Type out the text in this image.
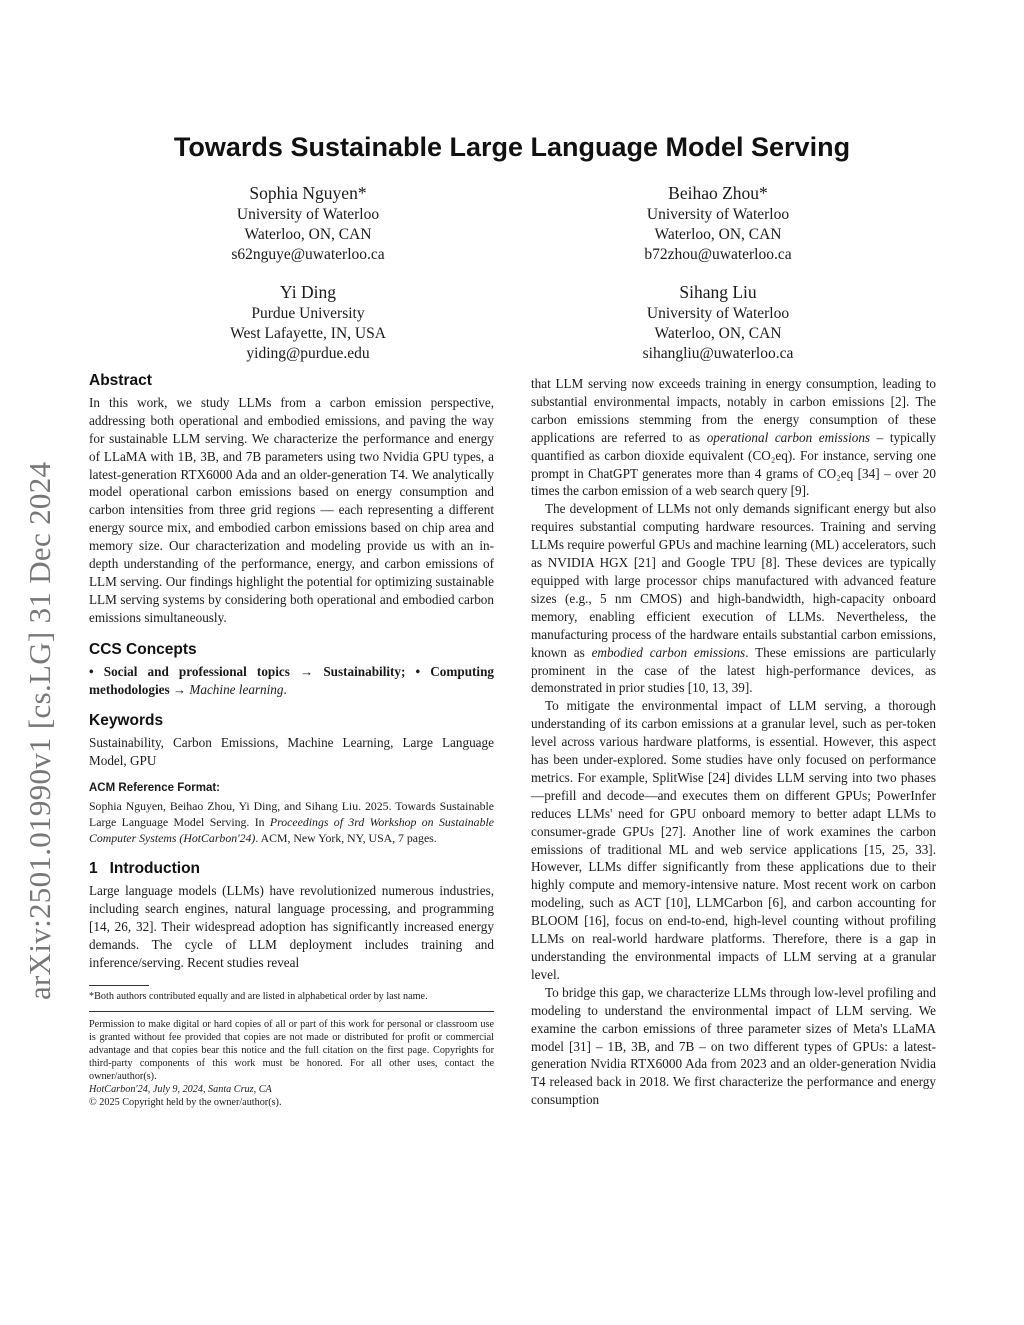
arXiv:2501.01990v1 [cs.LG] 31 Dec 2024
Towards Sustainable Large Language Model Serving
Sophia Nguyen*
University of Waterloo
Waterloo, ON, CAN
s62nguye@uwaterloo.ca
Beihao Zhou*
University of Waterloo
Waterloo, ON, CAN
b72zhou@uwaterloo.ca
Yi Ding
Purdue University
West Lafayette, IN, USA
yiding@purdue.edu
Sihang Liu
University of Waterloo
Waterloo, ON, CAN
sihangliu@uwaterloo.ca
Abstract

In this work, we study LLMs from a carbon emission perspective, addressing both operational and embodied emissions, and paving the way for sustainable LLM serving. We characterize the performance and energy of LLaMA with 1B, 3B, and 7B parameters using two Nvidia GPU types, a latest-generation RTX6000 Ada and an older-generation T4. We analytically model operational carbon emissions based on energy consumption and carbon intensities from three grid regions — each representing a different energy source mix, and embodied carbon emissions based on chip area and memory size. Our characterization and modeling provide us with an in-depth understanding of the performance, energy, and carbon emissions of LLM serving. Our findings highlight the potential for optimizing sustainable LLM serving systems by considering both operational and embodied carbon emissions simultaneously.

CCS Concepts

• Social and professional topics → Sustainability; • Computing methodologies → Machine learning.

Keywords

Sustainability, Carbon Emissions, Machine Learning, Large Language Model, GPU

ACM Reference Format:

Sophia Nguyen, Beihao Zhou, Yi Ding, and Sihang Liu. 2025. Towards Sustainable Large Language Model Serving. In Proceedings of 3rd Workshop on Sustainable Computer Systems (HotCarbon'24). ACM, New York, NY, USA, 7 pages.

1 Introduction

Large language models (LLMs) have revolutionized numerous industries, including search engines, natural language processing, and programming [14, 26, 32]. Their widespread adoption has significantly increased energy demands. The cycle of LLM deployment includes training and inference/serving. Recent studies reveal

*Both authors contributed equally and are listed in alphabetical order by last name.

Permission to make digital or hard copies of all or part of this work for personal or classroom use is granted without fee provided that copies are not made or distributed for profit or commercial advantage and that copies bear this notice and the full citation on the first page. Copyrights for third-party components of this work must be honored. For all other uses, contact the owner/author(s).

HotCarbon'24, July 9, 2024, Santa Cruz, CA

© 2025 Copyright held by the owner/author(s).

that LLM serving now exceeds training in energy consumption, leading to substantial environmental impacts, notably in carbon emissions [2]. The carbon emissions stemming from the energy consumption of these applications are referred to as operational carbon emissions – typically quantified as carbon dioxide equivalent (CO₂eq). For instance, serving one prompt in ChatGPT generates more than 4 grams of CO₂eq [34] – over 20 times the carbon emission of a web search query [9].

The development of LLMs not only demands significant energy but also requires substantial computing hardware resources. Training and serving LLMs require powerful GPUs and machine learning (ML) accelerators, such as NVIDIA HGX [21] and Google TPU [8]. These devices are typically equipped with large processor chips manufactured with advanced feature sizes (e.g., 5 nm CMOS) and high-bandwidth, high-capacity onboard memory, enabling efficient execution of LLMs. Nevertheless, the manufacturing process of the hardware entails substantial carbon emissions, known as embodied carbon emissions. These emissions are particularly prominent in the case of the latest high-performance devices, as demonstrated in prior studies [10, 13, 39].

To mitigate the environmental impact of LLM serving, a thorough understanding of its carbon emissions at a granular level, such as per-token level across various hardware platforms, is essential. However, this aspect has been under-explored. Some studies have only focused on performance metrics. For example, SplitWise [24] divides LLM serving into two phases—prefill and decode—and executes them on different GPUs; PowerInfer reduces LLMs' need for GPU onboard memory to better adapt LLMs to consumer-grade GPUs [27]. Another line of work examines the carbon emissions of traditional ML and web service applications [15, 25, 33]. However, LLMs differ significantly from these applications due to their highly compute and memory-intensive nature. Most recent work on carbon modeling, such as ACT [10], LLMCarbon [6], and carbon accounting for BLOOM [16], focus on end-to-end, high-level counting without profiling LLMs on real-world hardware platforms. Therefore, there is a gap in understanding the environmental impacts of LLM serving at a granular level.

To bridge this gap, we characterize LLMs through low-level profiling and modeling to understand the environmental impact of LLM serving. We examine the carbon emissions of three parameter sizes of Meta's LLaMA model [31] – 1B, 3B, and 7B – on two different types of GPUs: a latest-generation Nvidia RTX6000 Ada from 2023 and an older-generation Nvidia T4 released back in 2018. We first characterize the performance and energy consumption
